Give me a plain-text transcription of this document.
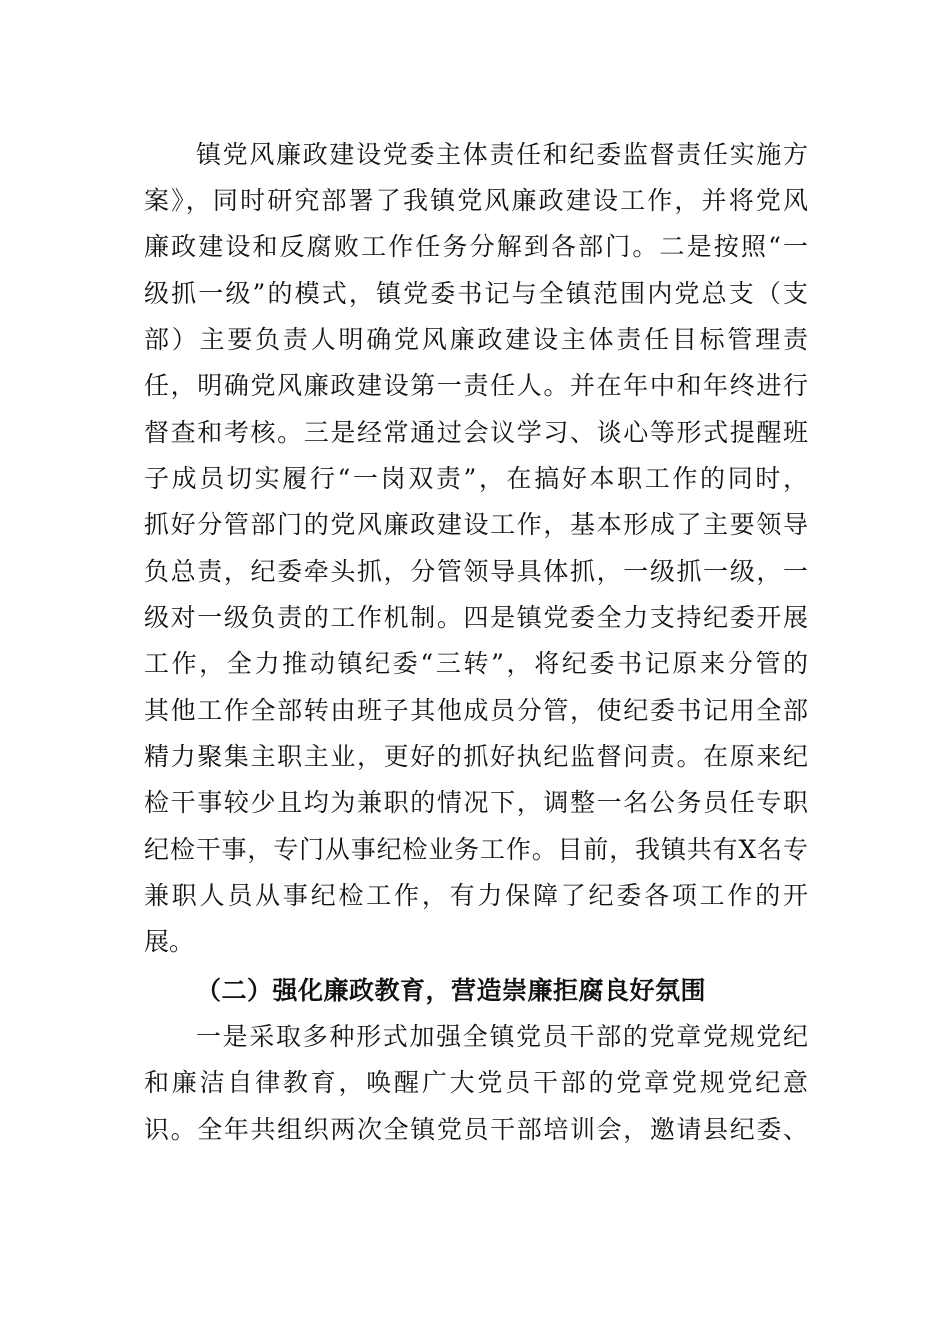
镇党风廉政建设党委主体责任和纪委监督责任实施方
案》，同时研究部署了我镇党风廉政建设工作，并将党风
廉政建设和反腐败工作任务分解到各部门。二是按照“一
级抓一级”的模式，镇党委书记与全镇范围内党总支（支
部）主要负责人明确党风廉政建设主体责任目标管理责
任，明确党风廉政建设第一责任人。并在年中和年终进行
督查和考核。三是经常通过会议学习、谈心等形式提醒班
子成员切实履行“一岗双责”，在搞好本职工作的同时，
抓好分管部门的党风廉政建设工作，基本形成了主要领导
负总责，纪委牵头抓，分管领导具体抓，一级抓一级，一
级对一级负责的工作机制。四是镇党委全力支持纪委开展
工作，全力推动镇纪委“三转”，将纪委书记原来分管的
其他工作全部转由班子其他成员分管，使纪委书记用全部
精力聚集主职主业，更好的抓好执纪监督问责。在原来纪
检干事较少且均为兼职的情况下，调整一名公务员任专职
纪检干事，专门从事纪检业务工作。目前，我镇共有X名专
兼职人员从事纪检工作，有力保障了纪委各项工作的开
展。
（二）强化廉政教育，营造崇廉拒腐良好氛围
一是采取多种形式加强全镇党员干部的党章党规党纪
和廉洁自律教育，唤醒广大党员干部的党章党规党纪意
识。全年共组织两次全镇党员干部培训会，邀请县纪委、
